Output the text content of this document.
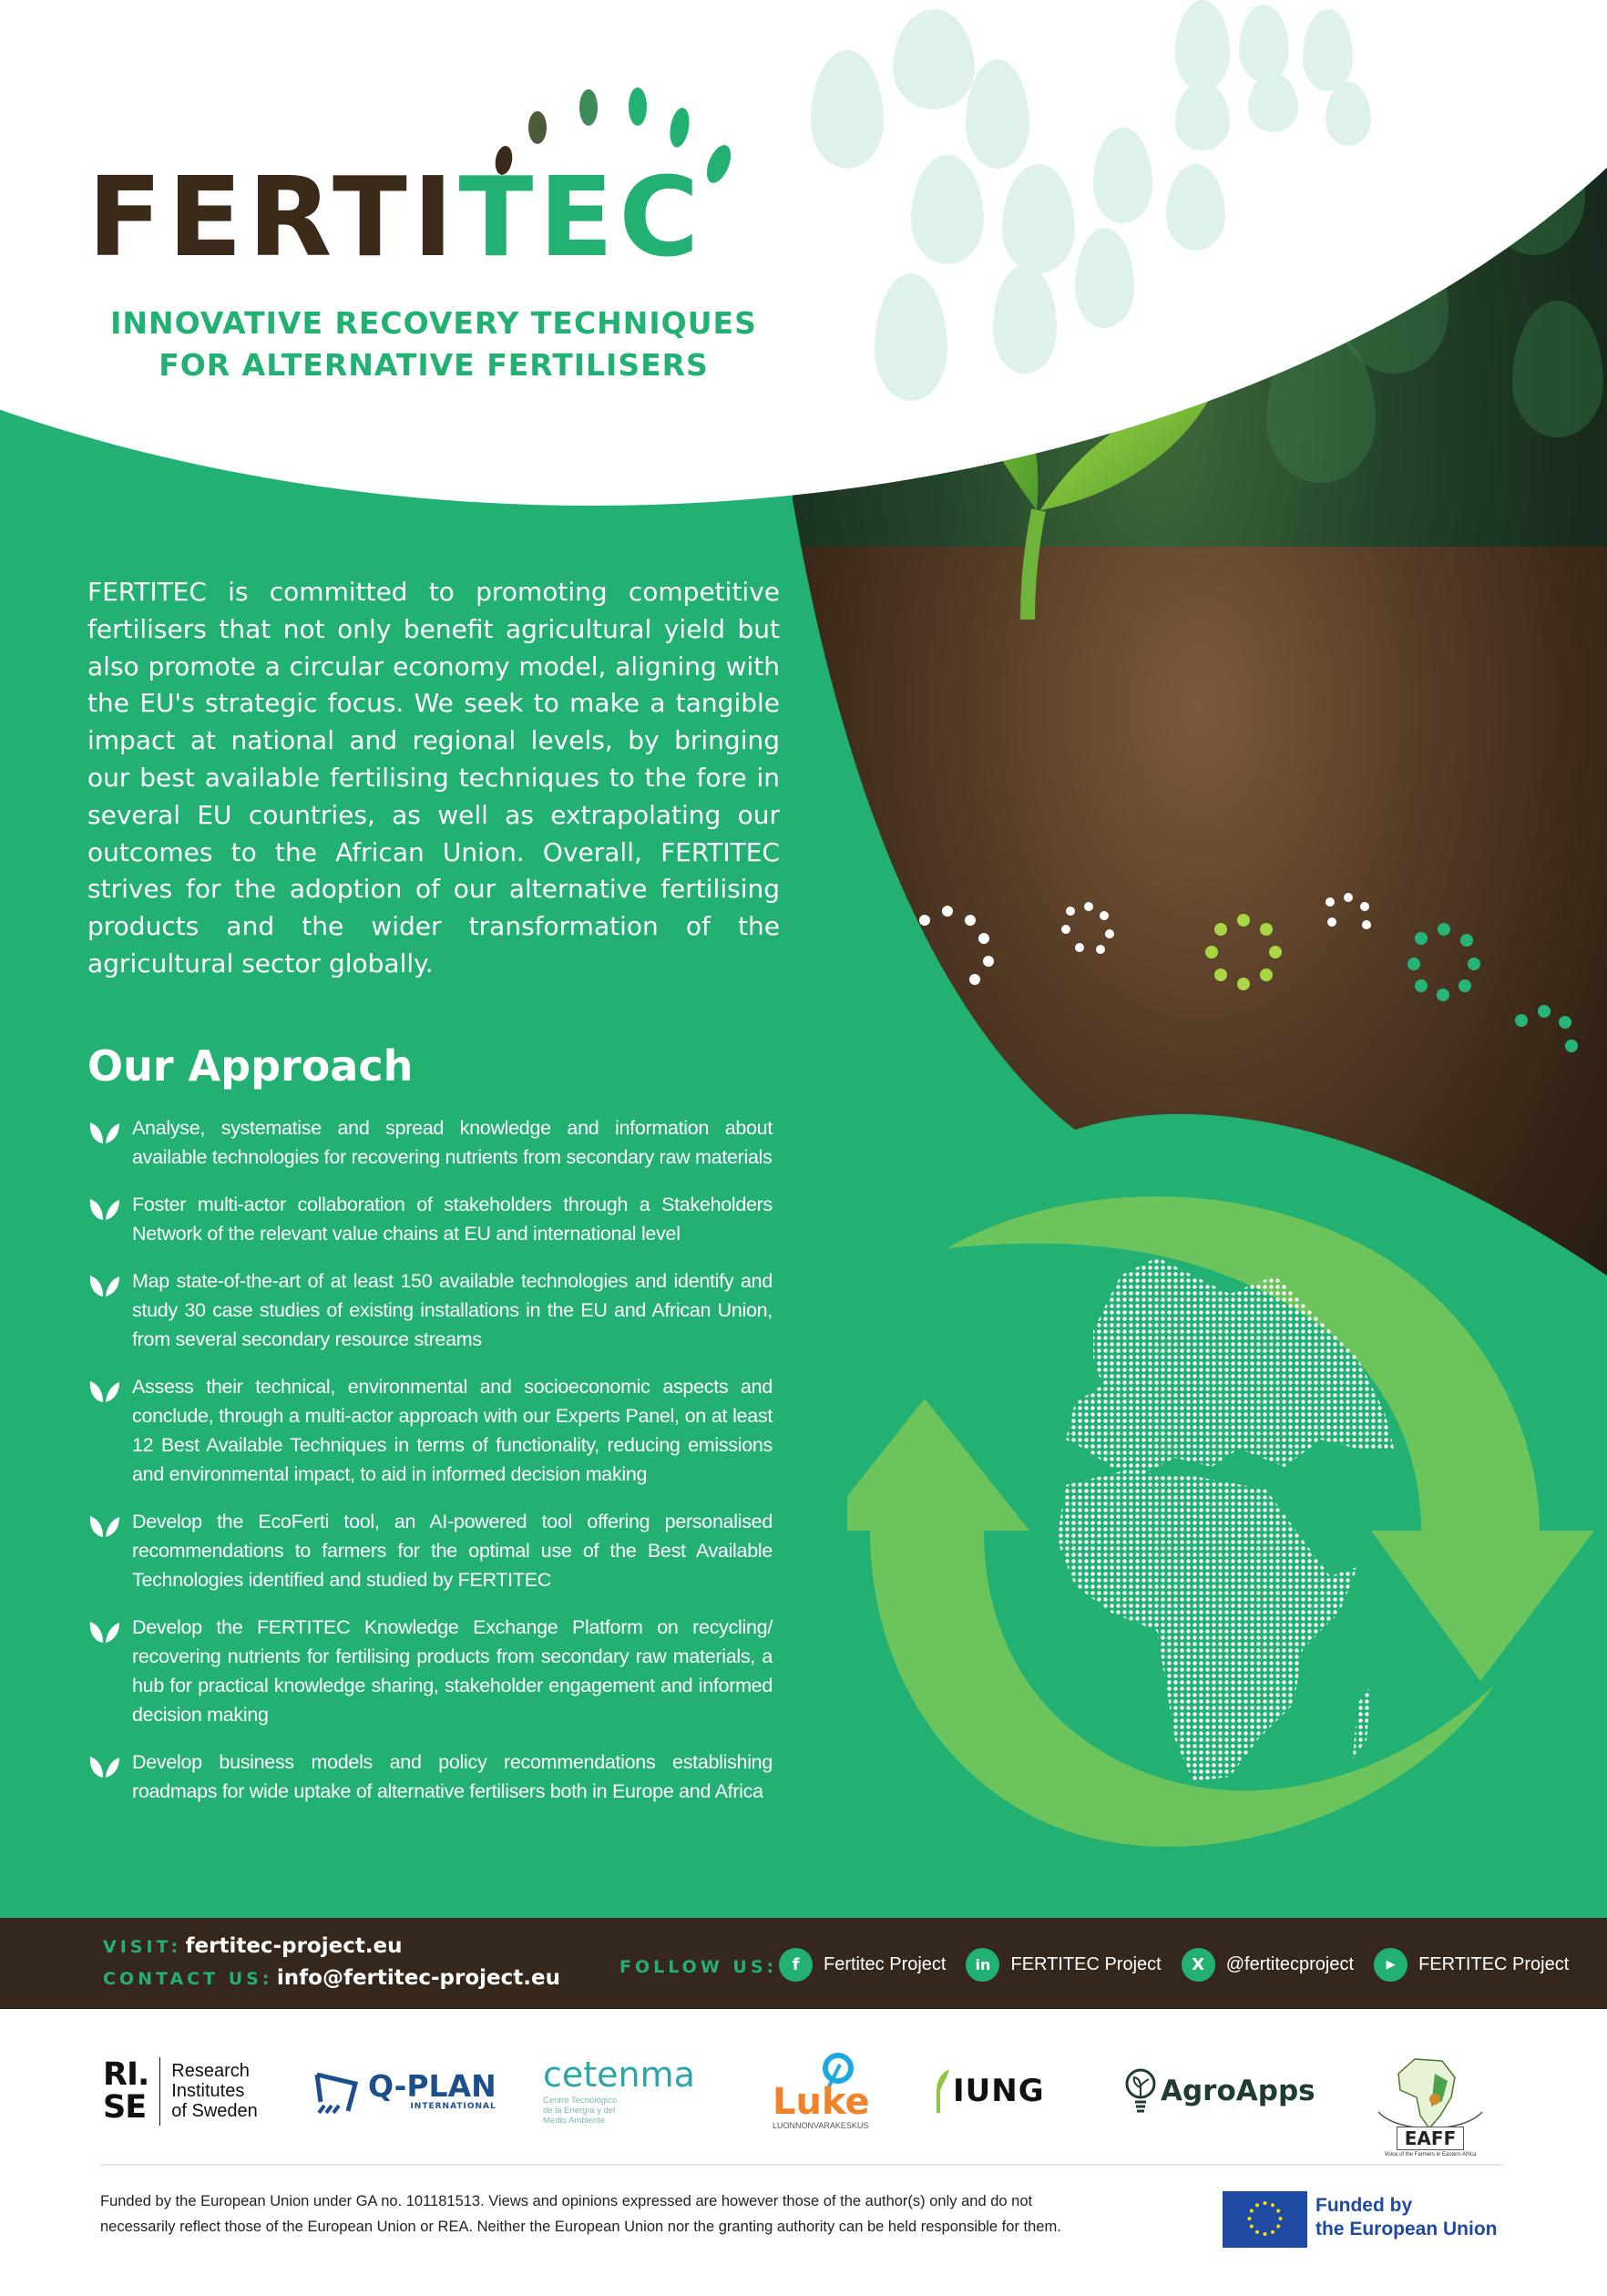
FERTITEC
INNOVATIVE RECOVERY TECHNIQUES
FOR ALTERNATIVE FERTILISERS

FERTITEC is committed to promoting competitive fertilisers that not only benefit agricultural yield but also promote a circular economy model, aligning with the EU's strategic focus. We seek to make a tangible impact at national and regional levels, by bringing our best available fertilising techniques to the fore in several EU countries, as well as extrapolating our outcomes to the African Union. Overall, FERTITEC strives for the adoption of our alternative fertilising products and the wider transformation of the agricultural sector globally.

Our Approach
Analyse, systematise and spread knowledge and information about available technologies for recovering nutrients from secondary raw materials
Foster multi-actor collaboration of stakeholders through a Stakeholders Network of the relevant value chains at EU and international level
Map state-of-the-art of at least 150 available technologies and identify and study 30 case studies of existing installations in the EU and African Union, from several secondary resource streams
Assess their technical, environmental and socioeconomic aspects and conclude, through a multi-actor approach with our Experts Panel, on at least 12 Best Available Techniques in terms of functionality, reducing emissions and environmental impact, to aid in informed decision making
Develop the EcoFerti tool, an AI-powered tool offering personalised recommendations to farmers for the optimal use of the Best Available Technologies identified and studied by FERTITEC
Develop the FERTITEC Knowledge Exchange Platform on recycling/ recovering nutrients for fertilising products from secondary raw materials, a hub for practical knowledge sharing, stakeholder engagement and informed decision making
Develop business models and policy recommendations establishing roadmaps for wide uptake of alternative fertilisers both in Europe and Africa
VISIT: fertitec-project.eu
CONTACT US: info@fertitec-project.eu	FOLLOW US: f	Fertitec Project	in	FERTITEC Project	X	@fertitecproject	▶	FERTITEC Project
RI.
SE
Research
Institutes
of Sweden
Q-PLAN
INTERNATIONAL
cetenma
Centro Tecnológico
de la Energía y del
Medio Ambiente	Luke
LUONNONVARAKESKUS
IUNG	AgroApps
EAFF
Voice of the Farmers in Eastern Africa
Funded by the European Union under GA no. 101181513. Views and opinions expressed are however those of the author(s) only and do not
necessarily reflect those of the European Union or REA. Neither the European Union nor the granting authority can be held responsible for them.
Funded by
the European Union
